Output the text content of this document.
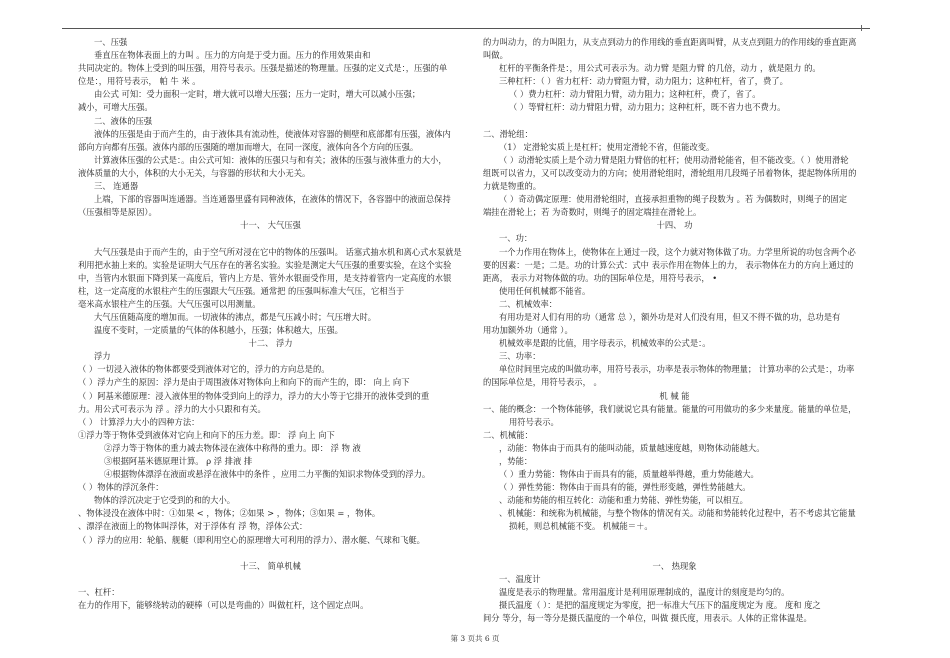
一、压强
垂直压在物体表面上的力叫 。压力的方向是于受力面。压力的作用效果由和
共同决定的。物体上受到的叫压强，用符号表示。压强是描述的物理量。压强的定义式是：，压强的单
位是：，用符号表示， 帕 牛 米 。
由公式 可知：受力面积一定时，增大就可以增大压强；压力一定时，增大可以减小压强；
减小，可增大压强。
二、液体的压强
液体的压强是由于而产生的，由于液体具有流动性，使液体对容器的侧壁和底部都有压强，液体内
部向方向都有压强。液体内部的压强随的增加而增大，在同一深度，液体向各个方向的压强。
计算液体压强的公式是：。由公式可知：液体的压强只与和有关；液体的压强与液体重力的大小，
液体质量的大小，体积的大小无关，与容器的形状和大小无关。
三、 连通器
上端，下部的容器叫连通器。当连通器里盛有同种液体，在液体的情况下，各容器中的液面总保持
（压强相等是原因）。
十一、 大气压强

大气压强是由于而产生的，由于空气所对浸在它中的物体的压强叫。 话塞式抽水机和离心式水泵就是
利用把水抽上来的。实验是证明大气压存在的著名实验。实验是测定大气压强的重要实验，在这个实验
中，当管内水银面下降到某一高度后，管内上方是、管外水银面受作用，是支持着管内一定高度的水银
柱，这一定高度的水银柱产生的压强跟大气压强。通常把 的压强叫标准大气压，它相当于
毫米高水银柱产生的压强。大气压强可以用测量。
大气压值随高度的增加而。一切液体的沸点，都是气压减小时；气压增大时。
温度不变时，一定质量的气体的体积越小，压强；体积越大，压强。
十二、 浮力
浮力
（ ）一切浸入液体的物体都要受到液体对它的，浮力的方向总是的。
（ ）浮力产生的原因：浮力是由于周围液体对物体向上和向下的而产生的，即： 向上 向下
（ ）阿基米德原理：浸入液体里的物体受到向上的浮力，浮力的大小等于它排开的液体受到的重
力。用公式可表示为 浮 。浮力的大小只跟和有关。
（ ） 计算浮力大小的四种方法：
①浮力等于物体受到液体对它向上和向下的压力差。即： 浮 向上 向下
②浮力等于物体的重力减去物体浸在液体中称得的重力。即： 浮 物 液
③根据阿基米德原理计算。 ρ 浮 排液 排
④根据物体漂浮在液面或悬浮在液体中的条件 ，应用二力平衡的知识求物体受到的浮力。
（ ）物体的浮沉条件：
物体的浮沉决定于它受到的和的大小。
、物体浸没在液体中时：①如果 < ，物体；②如果 > ，物体；③如果 = ，物体。
、漂浮在液面上的物体叫浮体，对于浮体有 浮 物，浮体公式：
（ ）浮力的应用：轮船、舰艇（即利用空心的原理增大可利用的浮力）、潜水艇、气球和飞艇。

十三、 简单机械

一、杠杆：
在力的作用下，能够绕转动的硬棒（可以是弯曲的）叫做杠杆，这个固定点叫。
的力叫动力，的力叫阻力，从支点到动力的作用线的垂直距离叫臂，从支点到阻力的作用线的垂直距离
叫做。
杠杆的平衡条件是：，用公式可表示为。动力臂 是阻力臂 的几倍，动力 ，就是阻力 的。
三种杠杆：（ ）省力杠杆：动力臂阻力臂，动力阻力；这种杠杆，省了，费了。
（ ）费力杠杆：动力臂阻力臂，动力阻力；这种杠杆，费了，省了。
（ ）等臂杠杆：动力臂阻力臂，动力阻力；这种杠杆，既不省力也不费力。

二、滑轮组：
（1） 定滑轮实质上是杠杆；使用定滑轮不省，但能改变。
（ ）动滑轮实质上是个动力臂是阻力臂倍的杠杆；使用动滑轮能省，但不能改变。（ ）使用滑轮
组既可以省力，又可以改变动力的方向；使用滑轮组时，滑轮组用几段绳子吊着物体，提起物体所用的
力就是物重的。
（ ）奇动偶定原理：使用滑轮组时，直接承担重物的绳子段数为 。若 为偶数时，则绳子的固定
端挂在滑轮上；若 为奇数时，则绳子的固定端挂在滑轮上。
十四、 功
一、功：
一个力作用在物体上，使物体在上通过一段，这个力就对物体做了功。力学里所说的功包含两个必
要的因素：一是；二是。功的计算公式：式中 表示作用在物体上的力， 表示物体在力的方向上通过的
距离， 表示力对物体做的功。功的国际单位是，用符号表示， •
使用任何机械都不能省。
二、机械效率：
有用功是对人们有用的功（通常 总 ），额外功是对人们没有用，但又不得不做的功，总功是有
用功加额外功（通常 ）。
机械效率是跟的比值，用字母表示，机械效率的公式是：。
三、功率：
单位时间里完成的叫做功率，用符号表示，功率是表示物体的物理量； 计算功率的公式是：，功率
的国际单位是，用符号表示， 。
机 械 能
一、能的概念：一个物体能够，我们就说它具有能量。能量的可用做功的多少来量度。能量的单位是，
用符号表示。
二、机械能：
，动能：物体由于而具有的能叫动能，质量越速度越，则物体动能越大。
，势能：
（ ）重力势能：物体由于而具有的能，质量越举得越，重力势能越大。
（ ）弹性势能：物体由于而具有的能，弹性形变越，弹性势能越大。
、动能和势能的相互转化：动能和重力势能、弹性势能，可以相互。
、机械能：和统称为机械能，与整个物体的情况有关。动能和势能转化过程中，若不考虑其它能量
损耗，则总机械能不变。 机械能＝＋。

一、 热现象
一、温度计
温度是表示的物理量。常用温度计是利用原理制成的，温度计的刻度是均匀的。
摄氏温度（ ）：是把的温度规定为零度，把一标准大气压下的温度规定为 度。 度和 度之
间分 等分，每一等分是摄氏温度的一个单位，叫做 摄氏度，用表示。人体的正常体温是。
第 3 页共 6 页
